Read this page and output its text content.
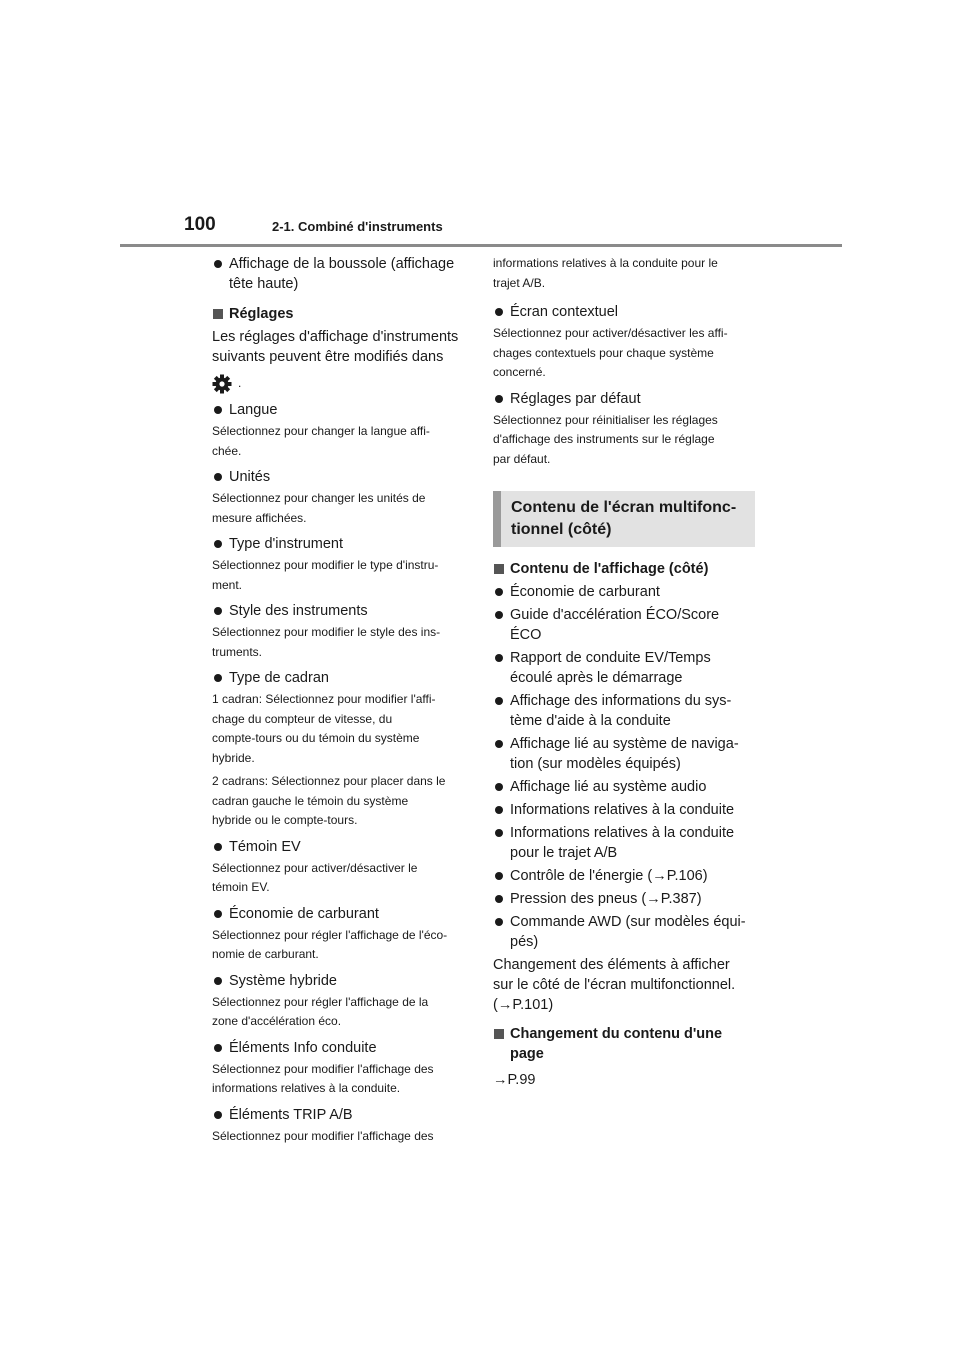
100	2-1. Combiné d'instruments
Affichage de la boussole (affichage tête haute)
Réglages

Les réglages d'affichage d'instruments suivants peuvent être modifiés dans

.
Langue

Sélectionnez pour changer la langue affi-
chée.

Unités

Sélectionnez pour changer les unités de
mesure affichées.

Type d'instrument

Sélectionnez pour modifier le type d'instru-
ment.

Style des instruments

Sélectionnez pour modifier le style des ins-
truments.

Type de cadran

1 cadran: Sélectionnez pour modifier l'affi-
chage du compteur de vitesse, du
compte-tours ou du témoin du système
hybride.

2 cadrans: Sélectionnez pour placer dans le
cadran gauche le témoin du système
hybride ou le compte-tours.

Témoin EV

Sélectionnez pour activer/désactiver le
témoin EV.

Économie de carburant

Sélectionnez pour régler l'affichage de l'éco-
nomie de carburant.

Système hybride

Sélectionnez pour régler l'affichage de la
zone d'accélération éco.

Éléments Info conduite

Sélectionnez pour modifier l'affichage des
informations relatives à la conduite.

Éléments TRIP A/B

Sélectionnez pour modifier l'affichage des

informations relatives à la conduite pour le
trajet A/B.

Écran contextuel

Sélectionnez pour activer/désactiver les affi-
chages contextuels pour chaque système
concerné.

Réglages par défaut

Sélectionnez pour réinitialiser les réglages
d'affichage des instruments sur le réglage
par défaut.

Contenu de l'écran multifonc-
tionnel (côté)
Contenu de l'affichage (côté)
Économie de carburant
Guide d'accélération ÉCO/Score
ÉCO
Rapport de conduite EV/Temps
écoulé après le démarrage
Affichage des informations du sys-
tème d'aide à la conduite
Affichage lié au système de naviga-
tion (sur modèles équipés)
Affichage lié au système audio
Informations relatives à la conduite
Informations relatives à la conduite
pour le trajet A/B
Contrôle de l'énergie (→P.106)
Pression des pneus (→P.387)
Commande AWD (sur modèles équi-
pés)

Changement des éléments à afficher
sur le côté de l'écran multifonctionnel.
(→P.101)

Changement du contenu d'une
page

→P.99
